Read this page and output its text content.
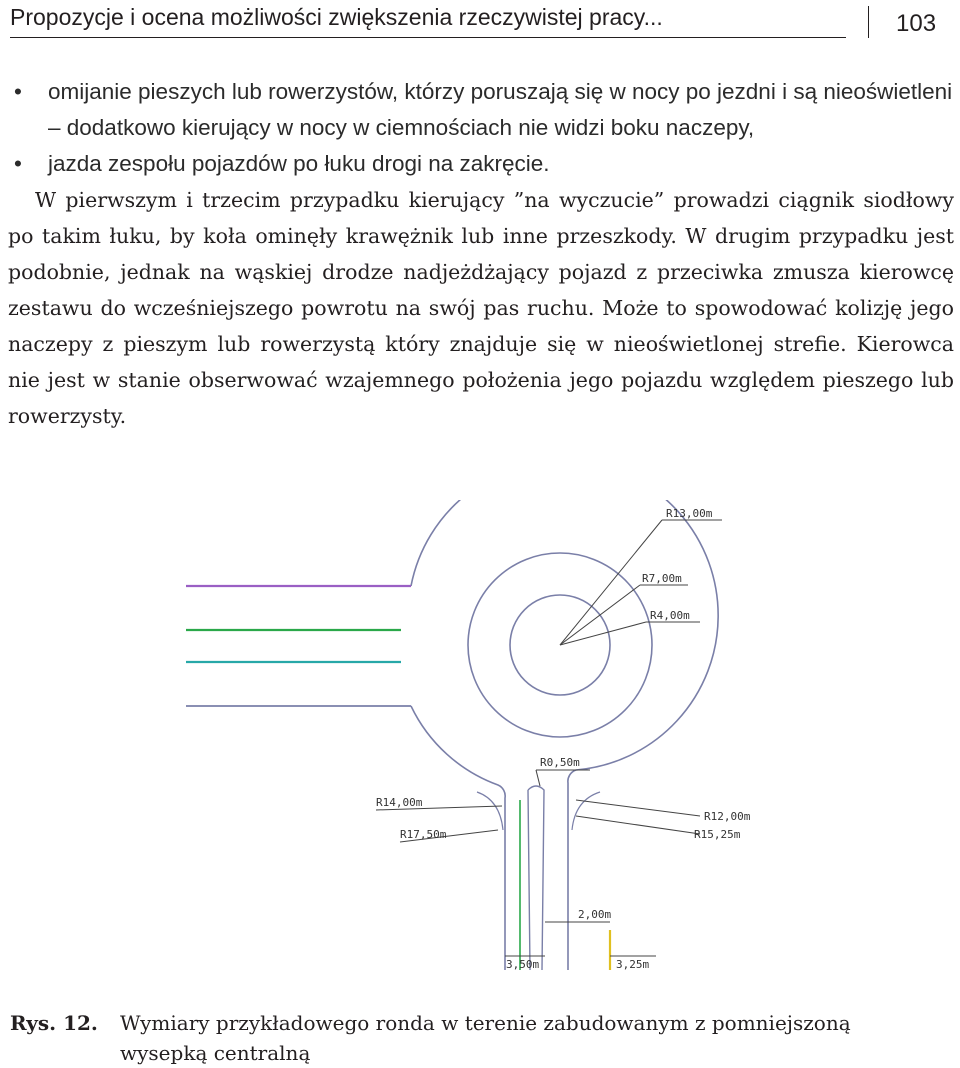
Propozycje i ocena możliwości zwiększenia rzeczywistej pracy...	103
• omijanie pieszych lub rowerzystów, którzy poruszają się w nocy po jezdni i są nieoświetleni – dodatkowo kierujący w nocy w ciemnościach nie widzi boku naczepy,
• jazda zespołu pojazdów po łuku drogi na zakręcie.

W pierwszym i trzecim przypadku kierujący ”na wyczucie” prowadzi ciągnik siodłowy po takim łuku, by koła ominęły krawężnik lub inne przeszkody. W drugim przypadku jest podobnie, jednak na wąskiej drodze nadjeżdżający pojazd z przeciwka zmusza kierowcę zestawu do wcześniejszego powrotu na swój pas ruchu. Może to spowodować kolizję jego naczepy z pieszym lub rowerzystą który znajduje się w nieoświetlonej strefie. Kierowca nie jest w stanie obserwować wzajemnego położenia jego pojazdu względem pieszego lub rowerzysty.

R13,00m
R7,00m
R4,00m
R0,50m
R14,00m
R17,50m
R12,00m
R15,25m
2,00m
3,50m	3,25m
Rys. 12. Wymiary przykładowego ronda w terenie zabudowanym z pomniejszoną wysepką centralną
